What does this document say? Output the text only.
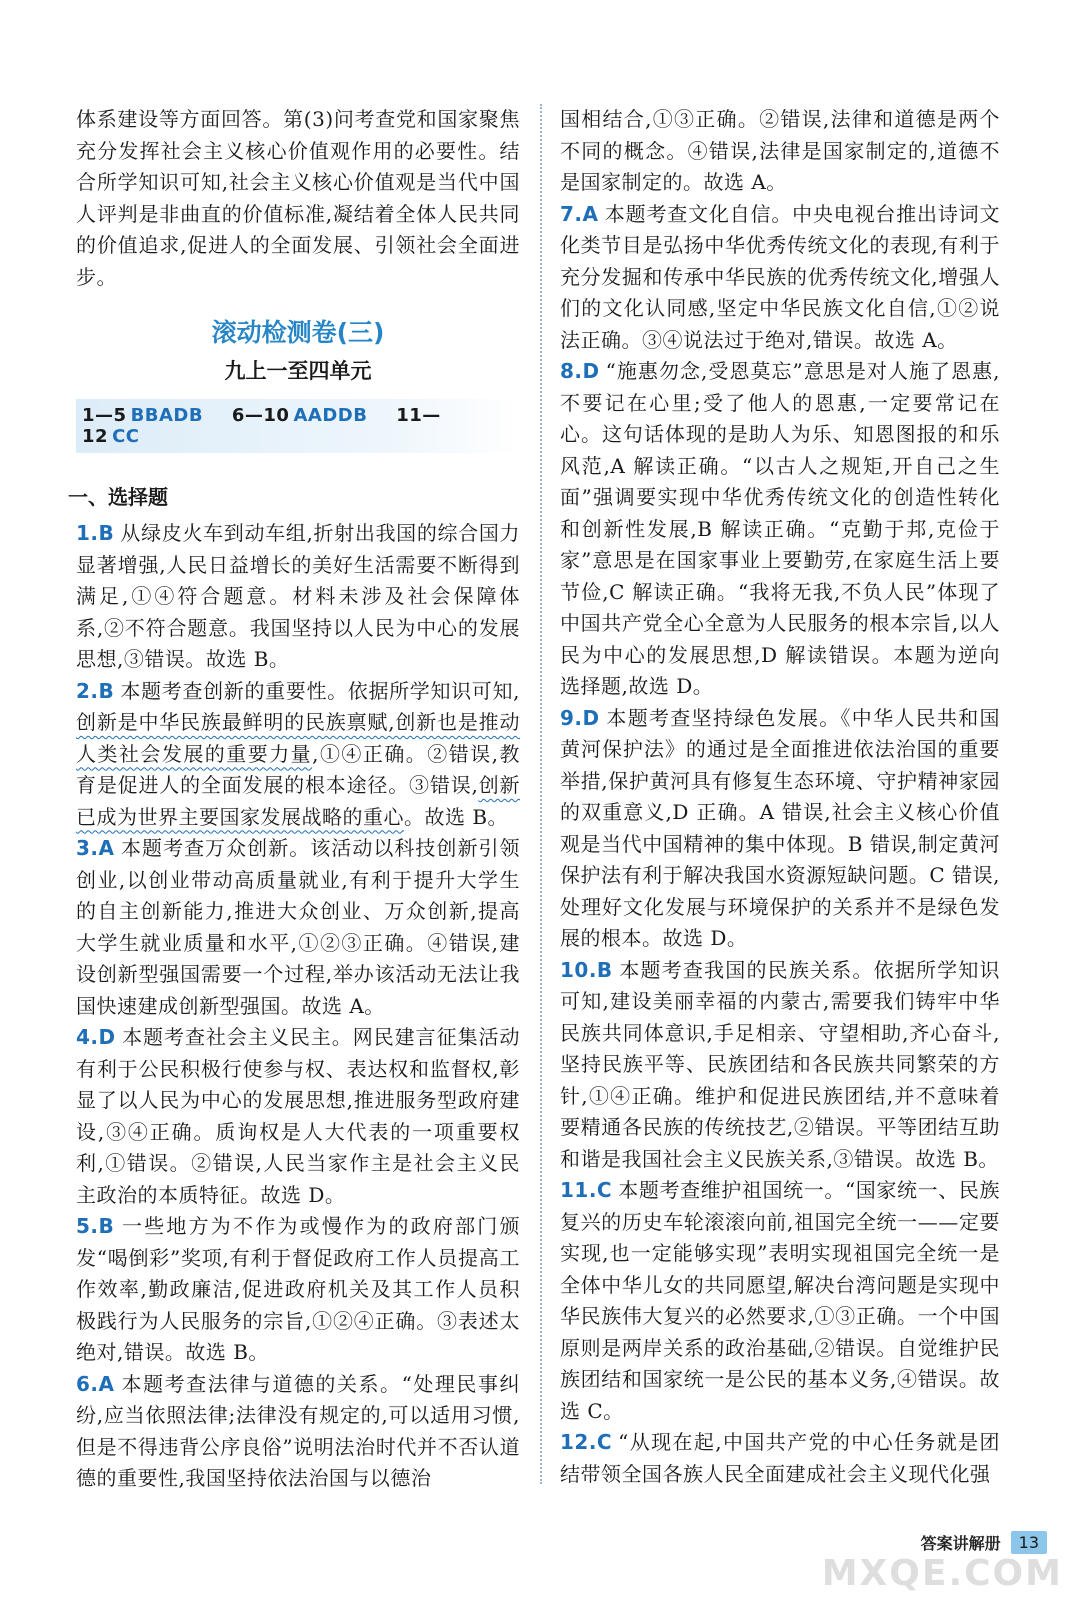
体系建设等方面回答。第(3)问考查党和国家聚焦充分发挥社会主义核心价值观作用的必要性。结合所学知识可知,社会主义核心价值观是当代中国人评判是非曲直的价值标准,凝结着全体人民共同的价值追求,促进人的全面发展、引领社会全面进步。

滚动检测卷(三)
九上一至四单元
1—5 BBADB 6—10 AADDB 11—12 CC
一、选择题

1.B 从绿皮火车到动车组,折射出我国的综合国力显著增强,人民日益增长的美好生活需要不断得到满足,①④符合题意。材料未涉及社会保障体系,②不符合题意。我国坚持以人民为中心的发展思想,③错误。故选 B。

2.B 本题考查创新的重要性。依据所学知识可知,创新是中华民族最鲜明的民族禀赋,创新也是推动人类社会发展的重要力量,①④正确。②错误,教育是促进人的全面发展的根本途径。③错误,创新已成为世界主要国家发展战略的重心。故选 B。

3.A 本题考查万众创新。该活动以科技创新引领创业,以创业带动高质量就业,有利于提升大学生的自主创新能力,推进大众创业、万众创新,提高大学生就业质量和水平,①②③正确。④错误,建设创新型强国需要一个过程,举办该活动无法让我国快速建成创新型强国。故选 A。

4.D 本题考查社会主义民主。网民建言征集活动有利于公民积极行使参与权、表达权和监督权,彰显了以人民为中心的发展思想,推进服务型政府建设,③④正确。质询权是人大代表的一项重要权利,①错误。②错误,人民当家作主是社会主义民主政治的本质特征。故选 D。

5.B 一些地方为不作为或慢作为的政府部门颁发“喝倒彩”奖项,有利于督促政府工作人员提高工作效率,勤政廉洁,促进政府机关及其工作人员积极践行为人民服务的宗旨,①②④正确。③表述太绝对,错误。故选 B。

6.A 本题考查法律与道德的关系。“处理民事纠纷,应当依照法律;法律没有规定的,可以适用习惯,但是不得违背公序良俗”说明法治时代并不否认道德的重要性,我国坚持依法治国与以德治

国相结合,①③正确。②错误,法律和道德是两个不同的概念。④错误,法律是国家制定的,道德不是国家制定的。故选 A。

7.A 本题考查文化自信。中央电视台推出诗词文化类节目是弘扬中华优秀传统文化的表现,有利于充分发掘和传承中华民族的优秀传统文化,增强人们的文化认同感,坚定中华民族文化自信,①②说法正确。③④说法过于绝对,错误。故选 A。

8.D “施惠勿念,受恩莫忘”意思是对人施了恩惠,不要记在心里;受了他人的恩惠,一定要常记在心。这句话体现的是助人为乐、知恩图报的和乐风范,A 解读正确。“以古人之规矩,开自己之生面”强调要实现中华优秀传统文化的创造性转化和创新性发展,B 解读正确。“克勤于邦,克俭于家”意思是在国家事业上要勤劳,在家庭生活上要节俭,C 解读正确。“我将无我,不负人民”体现了中国共产党全心全意为人民服务的根本宗旨,以人民为中心的发展思想,D 解读错误。本题为逆向选择题,故选 D。

9.D 本题考查坚持绿色发展。《中华人民共和国黄河保护法》的通过是全面推进依法治国的重要举措,保护黄河具有修复生态环境、守护精神家园的双重意义,D 正确。A 错误,社会主义核心价值观是当代中国精神的集中体现。B 错误,制定黄河保护法有利于解决我国水资源短缺问题。C 错误,处理好文化发展与环境保护的关系并不是绿色发展的根本。故选 D。

10.B 本题考查我国的民族关系。依据所学知识可知,建设美丽幸福的内蒙古,需要我们铸牢中华民族共同体意识,手足相亲、守望相助,齐心奋斗,坚持民族平等、民族团结和各民族共同繁荣的方针,①④正确。维护和促进民族团结,并不意味着要精通各民族的传统技艺,②错误。平等团结互助和谐是我国社会主义民族关系,③错误。故选 B。

11.C 本题考查维护祖国统一。“国家统一、民族复兴的历史车轮滚滚向前,祖国完全统一——定要实现,也一定能够实现”表明实现祖国完全统一是全体中华儿女的共同愿望,解决台湾问题是实现中华民族伟大复兴的必然要求,①③正确。一个中国原则是两岸关系的政治基础,②错误。自觉维护民族团结和国家统一是公民的基本义务,④错误。故选 C。

12.C “从现在起,中国共产党的中心任务就是团结带领全国各族人民全面建成社会主义现代化强

答案讲解册	13
MXQE.COM
